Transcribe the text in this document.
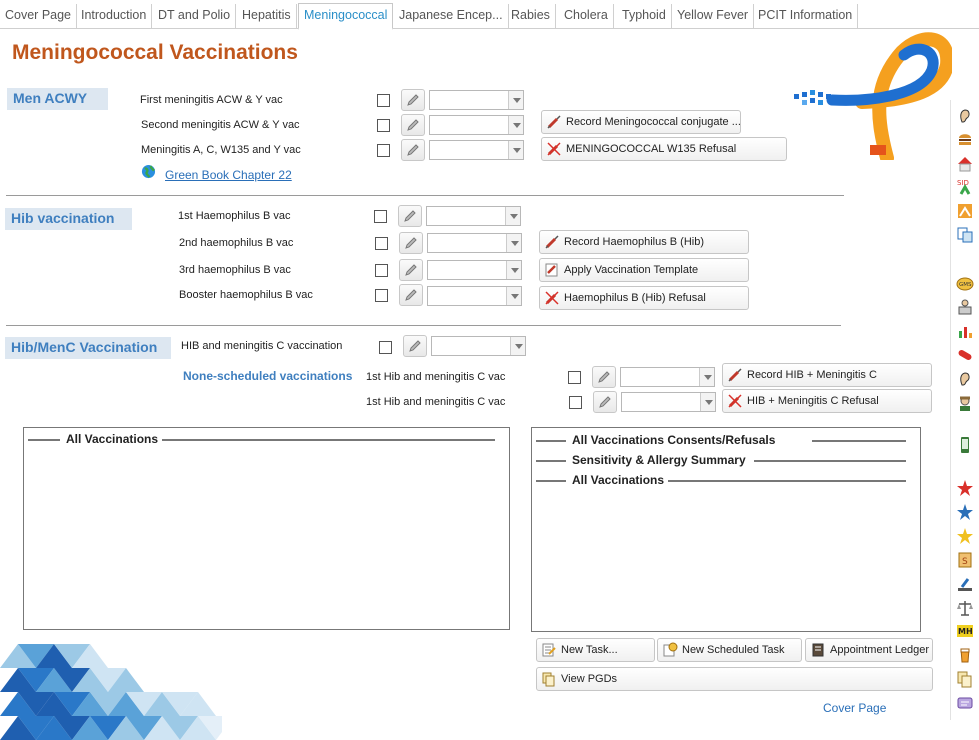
Cover Page Introduction DT and Polio Hepatitis	Meningococcal Japanese Encep... Rabies	Cholera	Typhoid Yellow Fever PCIT Information
Meningococcal Vaccinations
Men ACWY	First meningitis ACW & Y vac
Second meningitis ACW & Y vac
Meningitis A, C, W135 and Y vac
Record Meningococcal conjugate ...
MENINGOCOCCAL W135 Refusal
Green Book Chapter 22
Hib vaccination	1st Haemophilus B vac
2nd haemophilus B vac
3rd haemophilus B vac
Booster haemophilus B vac
Record Haemophilus B (Hib)
Apply Vaccination Template
Haemophilus B (Hib) Refusal
Hib/MenC Vaccination	HIB and meningitis C vaccination
None-scheduled vaccinations 1st Hib and meningitis C vac
1st Hib and meningitis C vac
Record HIB + Meningitis C
HIB + Meningitis C Refusal
All Vaccinations	All Vaccinations Consents/Refusals
Sensitivity & Allergy Summary
All Vaccinations
New Task...	New Scheduled Task	Appointment Ledger
View PGDs
Cover Page
SID
GMS
S
MH
